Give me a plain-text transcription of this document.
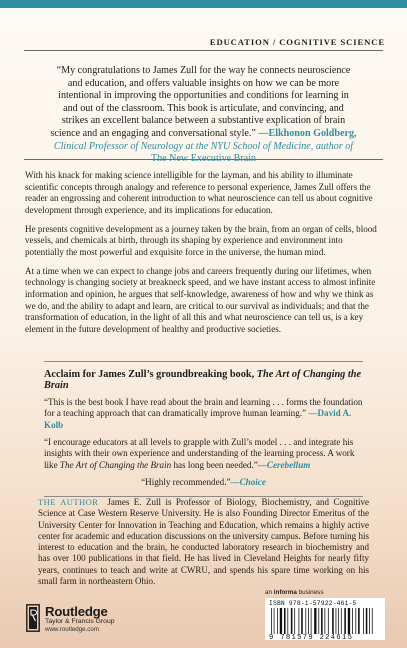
EDUCATION / COGNITIVE SCIENCE
“My congratulations to James Zull for the way he connects neuroscience and education, and offers valuable insights on how we can be more intentional in improving the opportunities and conditions for learning in and out of the classroom. This book is articulate, and convincing, and strikes an excellent balance between a substantive explication of brain science and an engaging and conversational style.” —Elkhonon Goldberg, Clinical Professor of Neurology at the NYU School of Medicine, author of The New Executive Brain

With his knack for making science intelligible for the layman, and his ability to illuminate scientific concepts through analogy and reference to personal experience, James Zull offers the reader an engrossing and coherent introduction to what neuroscience can tell us about cognitive development through experience, and its implications for education.

He presents cognitive development as a journey taken by the brain, from an organ of cells, blood vessels, and chemicals at birth, through its shaping by experience and environment into potentially the most powerful and exquisite force in the universe, the human mind.

At a time when we can expect to change jobs and careers frequently during our lifetimes, when technology is changing society at breakneck speed, and we have instant access to almost infinite information and opinion, he argues that self-knowledge, awareness of how and why we think as we do, and the ability to adapt and learn, are critical to our survival as individuals; and that the transformation of education, in the light of all this and what neuroscience can tell us, is a key element in the future development of healthy and productive societies.

Acclaim for James Zull’s groundbreaking book, The Art of Changing the Brain
“This is the best book I have read about the brain and learning . . . forms the foundation for a teaching approach that can dramatically improve human learning.” —David A. Kolb
“I encourage educators at all levels to grapple with Zull’s model . . . and integrate his insights with their own experience and understanding of the learning process. A work like The Art of Changing the Brain has long been needed.”—Cerebellum
“Highly recommended.”—Choice
THE AUTHOR James E. Zull is Professor of Biology, Biochemistry, and Cognitive Science at Case Western Reserve University. He is also Founding Director Emeritus of the University Center for Innovation in Teaching and Education, which remains a highly active center for academic and education discussions on the university campus. Before turning his interest to education and the brain, he conducted laboratory research in biochemistry and has over 100 publications in that field. He has lived in Cleveland Heights for nearly fifty years, continues to teach and write at CWRU, and spends his spare time working on his small farm in northeastern Ohio.
an informa business
ISBN 978-1-57922-461-5
9 781579 224615
Routledge
Taylor & Francis Group
www.routledge.com
